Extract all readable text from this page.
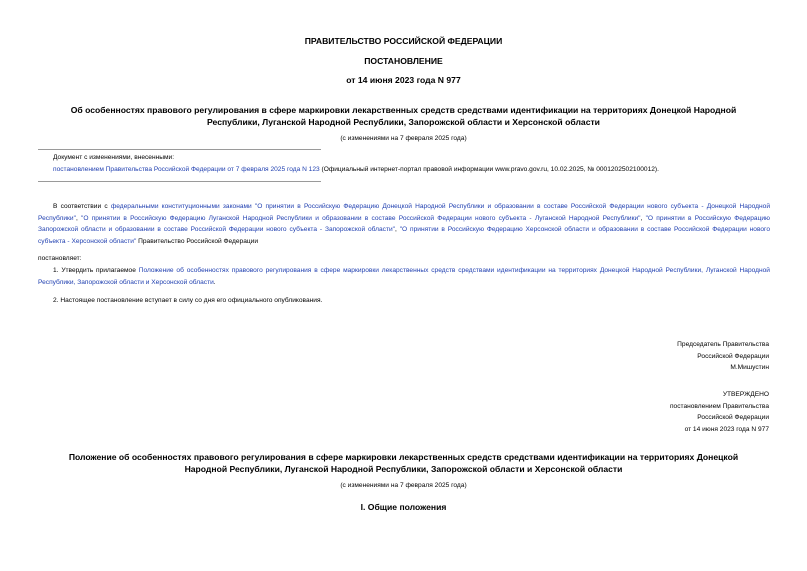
ПРАВИТЕЛЬСТВО РОССИЙСКОЙ ФЕДЕРАЦИИ
ПОСТАНОВЛЕНИЕ
от 14 июня 2023 года N 977
Об особенностях правового регулирования в сфере маркировки лекарственных средств средствами идентификации на территориях Донецкой Народной
Республики, Луганской Народной Республики, Запорожской области и Херсонской области
(с изменениями на 7 февраля 2025 года)
Документ с изменениями, внесенными:
постановлением Правительства Российской Федерации от 7 февраля 2025 года N 123 (Официальный интернет-портал правовой информации www.pravo.gov.ru, 10.02.2025, № 0001202502100012).
В соответствии с федеральными конституционными законами "О принятии в Российскую Федерацию Донецкой Народной Республики и образовании в составе Российской Федерации нового субъекта - Донецкой Народной Республики", "О принятии в Российскую Федерацию Луганской Народной Республики и образовании в составе Российской Федерации нового субъекта - Луганской Народной Республики", "О принятии в Российскую Федерацию Запорожской области и образовании в составе Российской Федерации нового субъекта - Запорожской области", "О принятии в Российскую Федерацию Херсонской области и образовании в составе Российской Федерации нового субъекта - Херсонской области" Правительство Российской Федерации
постановляет:
1. Утвердить прилагаемое Положение об особенностях правового регулирования в сфере маркировки лекарственных средств средствами идентификации на территориях Донецкой Народной Республики, Луганской Народной Республики, Запорожской области и Херсонской области.
2. Настоящее постановление вступает в силу со дня его официального опубликования.
Председатель Правительства
Российской Федерации
М.Мишустин
УТВЕРЖДЕНО
постановлением Правительства
Российской Федерации
от 14 июня 2023 года N 977
Положение об особенностях правового регулирования в сфере маркировки лекарственных средств средствами идентификации на территориях Донецкой
Народной Республики, Луганской Народной Республики, Запорожской области и Херсонской области
(с изменениями на 7 февраля 2025 года)
I. Общие положения
